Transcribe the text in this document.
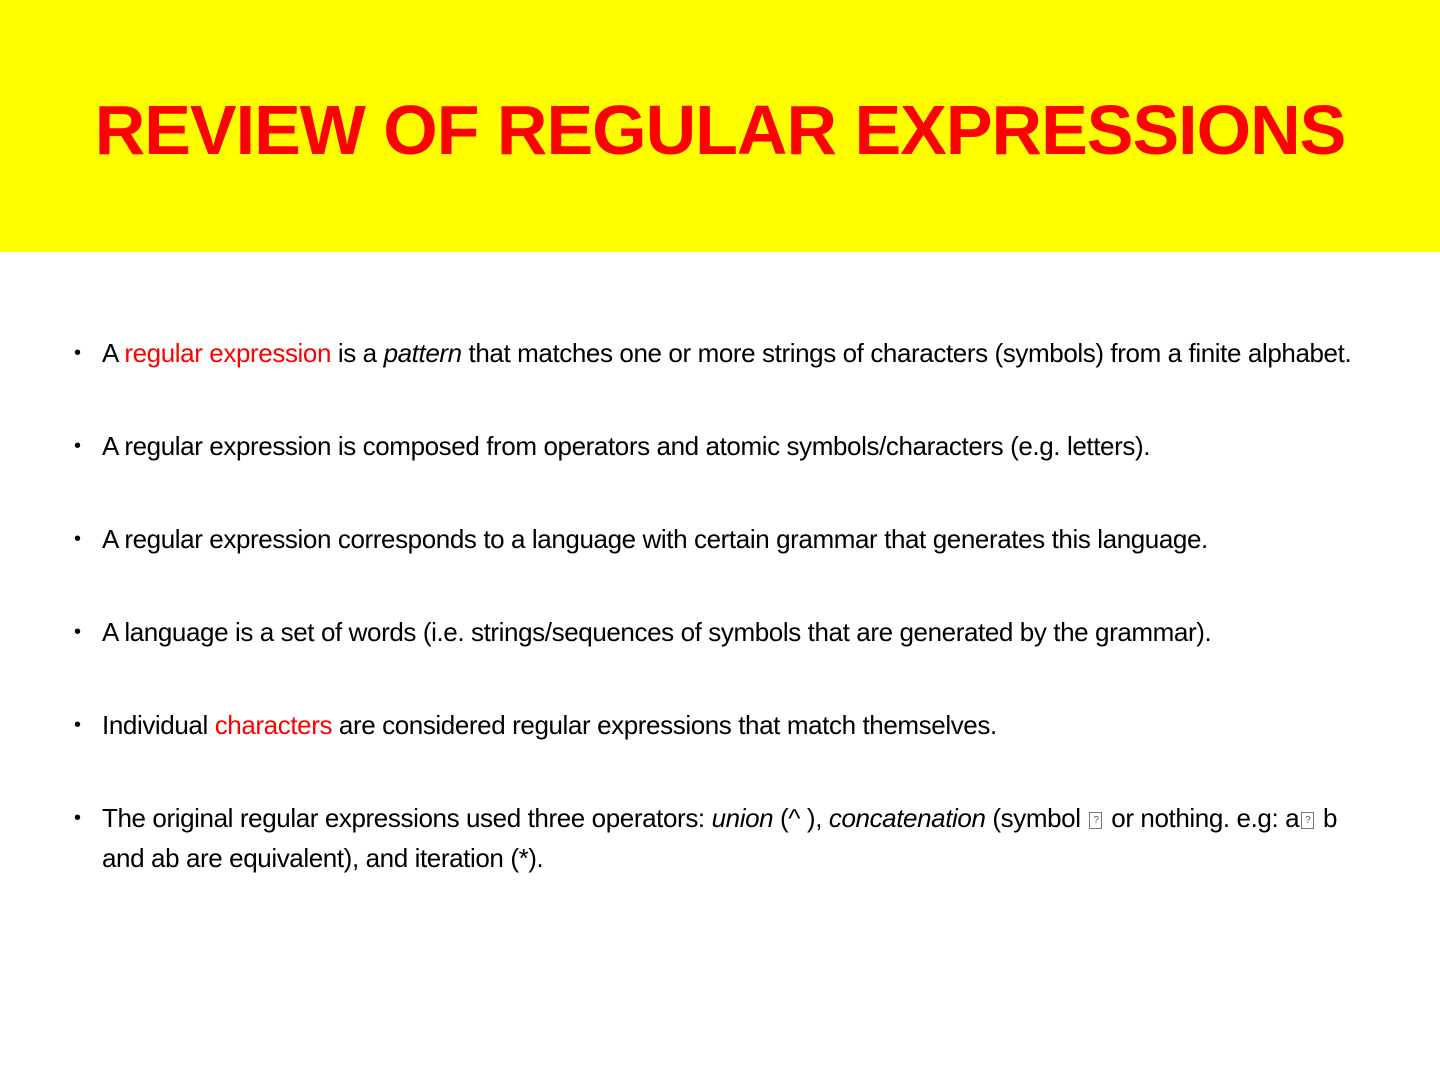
REVIEW OF REGULAR EXPRESSIONS
• A regular expression is a pattern that matches one or more strings of characters (symbols) from a finite alphabet.
• A regular expression is composed from operators and atomic symbols/characters (e.g. letters).
• A regular expression corresponds to a language with certain grammar that generates this language.
• A language is a set of words (i.e. strings/sequences of symbols that are generated by the grammar).
• Individual characters are considered regular expressions that match themselves.
• The original regular expressions used three operators: union (^ ), concatenation (symbol ? or nothing. e.g: a ? b and ab are equivalent), and iteration (*).
